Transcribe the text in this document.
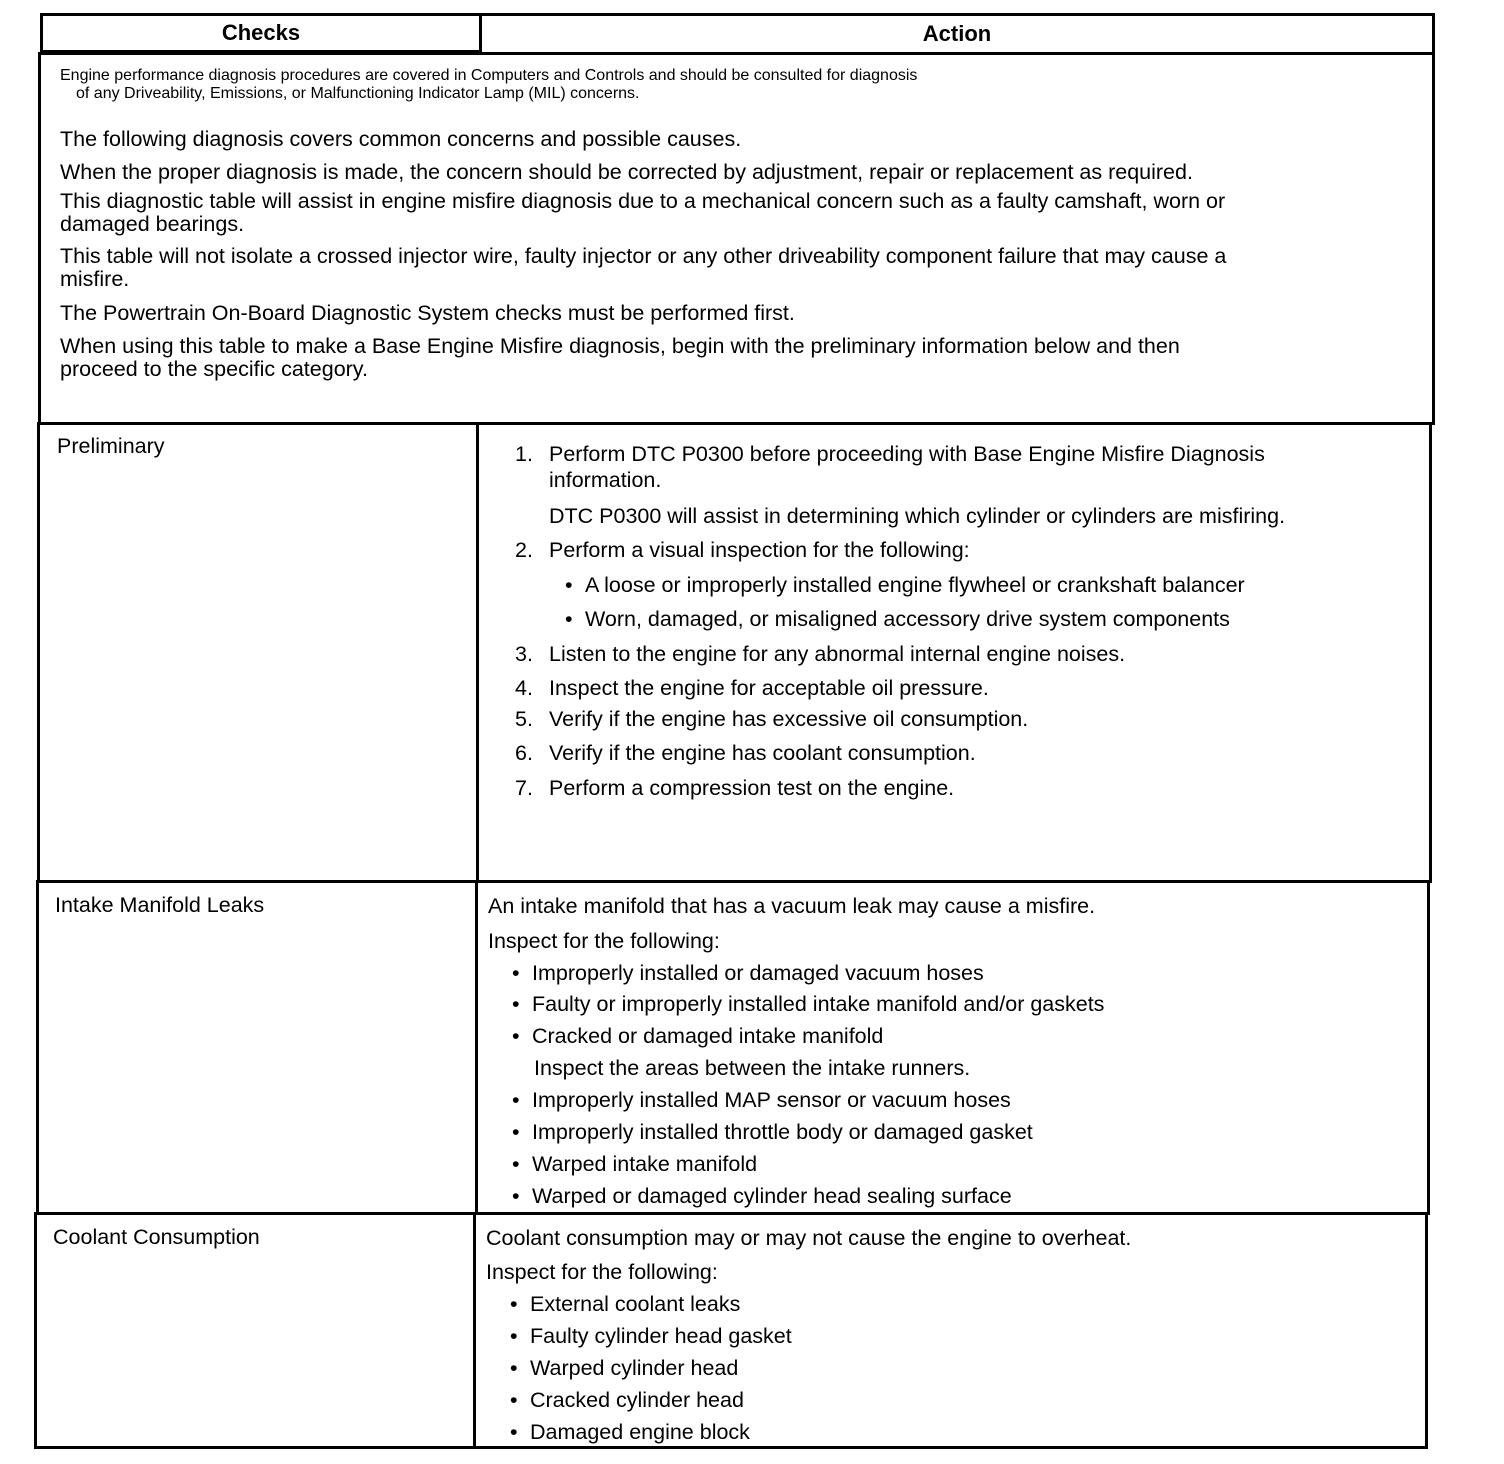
Checks	Action
Engine performance diagnosis procedures are covered in Computers and Controls and should be consulted for diagnosis
of any Driveability, Emissions, or Malfunctioning Indicator Lamp (MIL) concerns.

The following diagnosis covers common concerns and possible causes.

When the proper diagnosis is made, the concern should be corrected by adjustment, repair or replacement as required.

This diagnostic table will assist in engine misfire diagnosis due to a mechanical concern such as a faulty camshaft, worn or
damaged bearings.

This table will not isolate a crossed injector wire, faulty injector or any other driveability component failure that may cause a
misfire.

The Powertrain On-Board Diagnostic System checks must be performed first.

When using this table to make a Base Engine Misfire diagnosis, begin with the preliminary information below and then
proceed to the specific category.

Preliminary	1. Perform DTC P0300 before proceeding with Base Engine Misfire Diagnosis
information.
DTC P0300 will assist in determining which cylinder or cylinders are misfiring.
2. Perform a visual inspection for the following:
• A loose or improperly installed engine flywheel or crankshaft balancer
• Worn, damaged, or misaligned accessory drive system components
3. Listen to the engine for any abnormal internal engine noises.
4. Inspect the engine for acceptable oil pressure.
5. Verify if the engine has excessive oil consumption.
6. Verify if the engine has coolant consumption.
7. Perform a compression test on the engine.
Intake Manifold Leaks	An intake manifold that has a vacuum leak may cause a misfire.
Inspect for the following:
• Improperly installed or damaged vacuum hoses
• Faulty or improperly installed intake manifold and/or gaskets
• Cracked or damaged intake manifold
Inspect the areas between the intake runners.
• Improperly installed MAP sensor or vacuum hoses
• Improperly installed throttle body or damaged gasket
• Warped intake manifold
• Warped or damaged cylinder head sealing surface
Coolant Consumption	Coolant consumption may or may not cause the engine to overheat.
Inspect for the following:
• External coolant leaks
• Faulty cylinder head gasket
• Warped cylinder head
• Cracked cylinder head
• Damaged engine block
